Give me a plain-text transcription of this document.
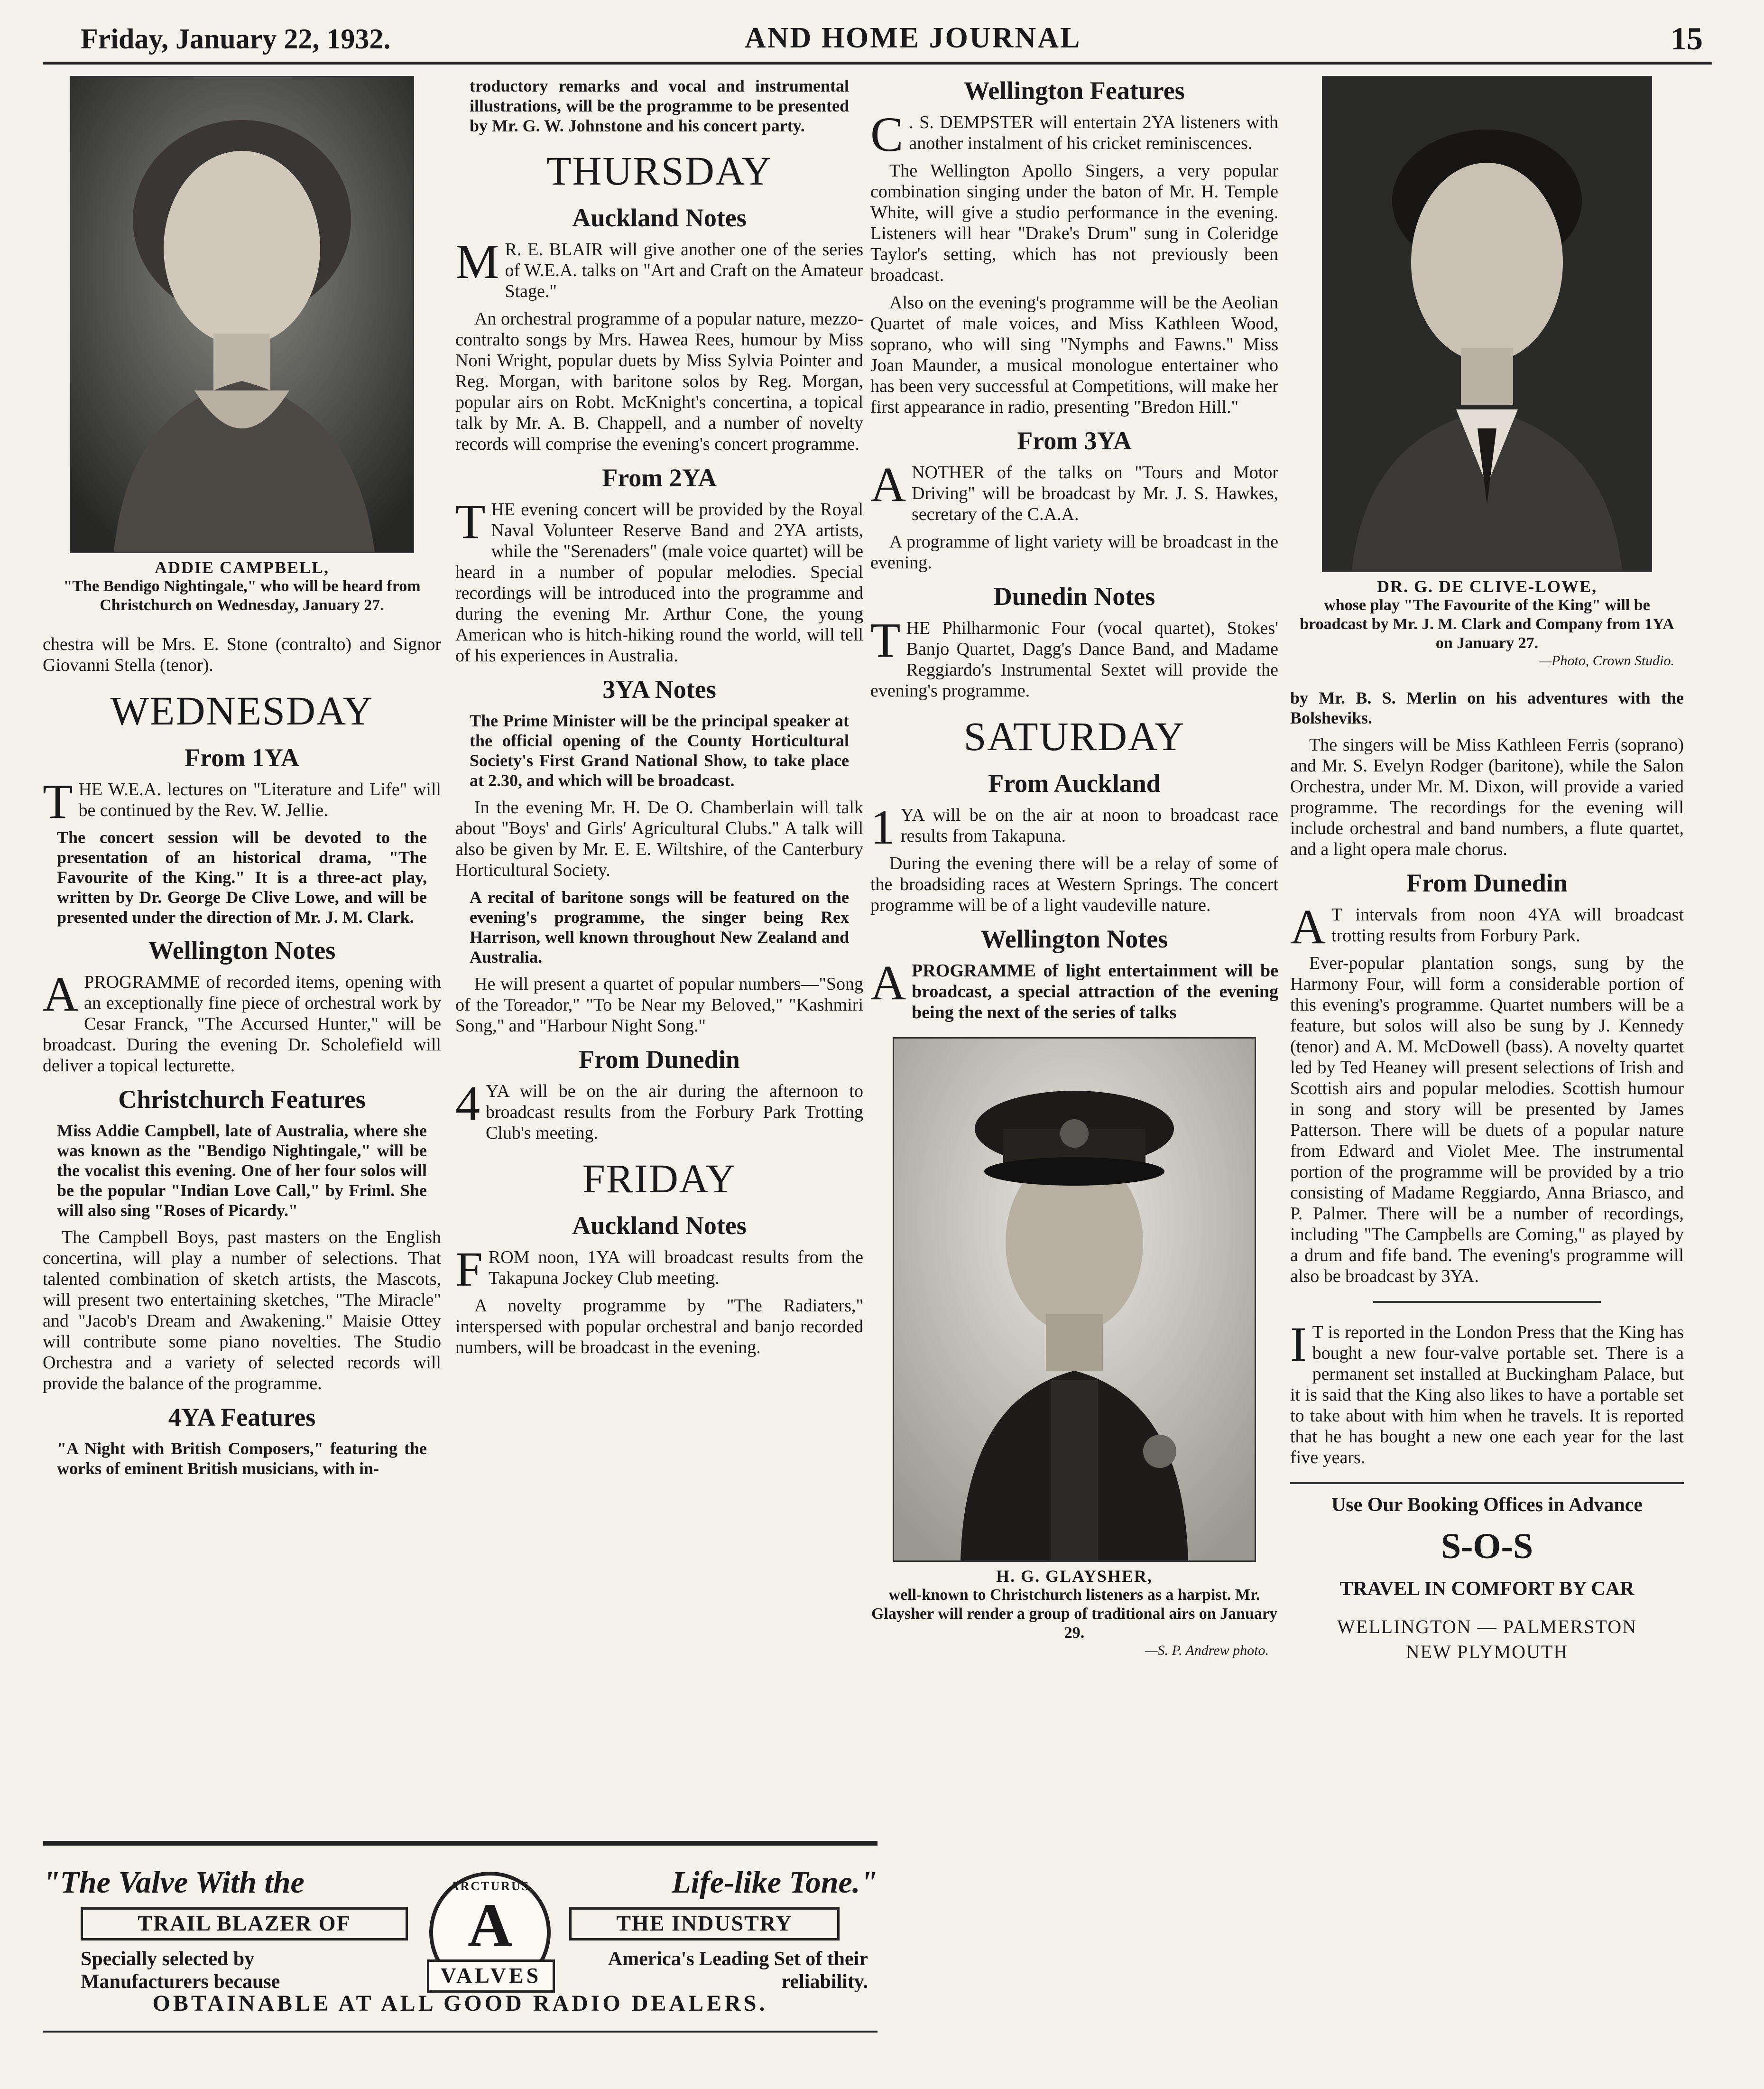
Friday, January 22, 1932.	AND HOME JOURNAL	15
ADDIE CAMPBELL,
"The Bendigo Nightingale," who will be heard from Christchurch on Wednesday, January 27.

chestra will be Mrs. E. Stone (contralto) and Signor Giovanni Stella (tenor).

WEDNESDAY
From 1YA

THE W.E.A. lectures on "Literature and Life" will be continued by the Rev. W. Jellie.

The concert session will be devoted to the presentation of an historical drama, "The Favourite of the King." It is a three-act play, written by Dr. George De Clive Lowe, and will be presented under the direction of Mr. J. M. Clark.

Wellington Notes

APROGRAMME of recorded items, opening with an exceptionally fine piece of orchestral work by Cesar Franck, "The Accursed Hunter," will be broadcast. During the evening Dr. Scholefield will deliver a topical lecturette.

Christchurch Features

Miss Addie Campbell, late of Australia, where she was known as the "Bendigo Nightingale," will be the vocalist this evening. One of her four solos will be the popular "Indian Love Call," by Friml. She will also sing "Roses of Picardy."

The Campbell Boys, past masters on the English concertina, will play a number of selections. That talented combination of sketch artists, the Mascots, will present two entertaining sketches, "The Miracle" and "Jacob's Dream and Awakening." Maisie Ottey will contribute some piano novelties. The Studio Orchestra and a variety of selected records will provide the balance of the programme.

4YA Features

"A Night with British Composers," featuring the works of eminent British musicians, with in-

troductory remarks and vocal and instrumental illustrations, will be the programme to be presented by Mr. G. W. Johnstone and his concert party.

THURSDAY
Auckland Notes

M R. E. BLAIR will give another one of the series of W.E.A. talks on "Art and Craft on the Amateur Stage."

An orchestral programme of a popular nature, mezzo-contralto songs by Mrs. Hawea Rees, humour by Miss Noni Wright, popular duets by Miss Sylvia Pointer and Reg. Morgan, with baritone solos by Reg. Morgan, popular airs on Robt. McKnight's concertina, a topical talk by Mr. A. B. Chappell, and a number of novelty records will comprise the evening's concert programme.

From 2YA

THE evening concert will be provided by the Royal Naval Volunteer Reserve Band and 2YA artists, while the "Serenaders" (male voice quartet) will be heard in a number of popular melodies. Special recordings will be introduced into the programme and during the evening Mr. Arthur Cone, the young American who is hitch-hiking round the world, will tell of his experiences in Australia.

3YA Notes

The Prime Minister will be the principal speaker at the official opening of the County Horticultural Society's First Grand National Show, to take place at 2.30, and which will be broadcast.

In the evening Mr. H. De O. Chamberlain will talk about "Boys' and Girls' Agricultural Clubs." A talk will also be given by Mr. E. E. Wiltshire, of the Canterbury Horticultural Society.

A recital of baritone songs will be featured on the evening's programme, the singer being Rex Harrison, well known throughout New Zealand and Australia.

He will present a quartet of popular numbers—"Song of the Toreador," "To be Near my Beloved," "Kashmiri Song," and "Harbour Night Song."

From Dunedin

4 YA will be on the air during the afternoon to broadcast results from the Forbury Park Trotting Club's meeting.

FRIDAY
Auckland Notes

FROM noon, 1YA will broadcast results from the Takapuna Jockey Club meeting.

A novelty programme by "The Radiaters," interspersed with popular orchestral and banjo recorded numbers, will be broadcast in the evening.

Wellington Features

C . S. DEMPSTER will entertain 2YA listeners with another instalment of his cricket reminiscences.

The Wellington Apollo Singers, a very popular combination singing under the baton of Mr. H. Temple White, will give a studio performance in the evening. Listeners will hear "Drake's Drum" sung in Coleridge Taylor's setting, which has not previously been broadcast.

Also on the evening's programme will be the Aeolian Quartet of male voices, and Miss Kathleen Wood, soprano, who will sing "Nymphs and Fawns." Miss Joan Maunder, a musical monologue entertainer who has been very successful at Competitions, will make her first appearance in radio, presenting "Bredon Hill."

From 3YA

ANOTHER of the talks on "Tours and Motor Driving" will be broadcast by Mr. J. S. Hawkes, secretary of the C.A.A.

A programme of light variety will be broadcast in the evening.

Dunedin Notes

THE Philharmonic Four (vocal quartet), Stokes' Banjo Quartet, Dagg's Dance Band, and Madame Reggiardo's Instrumental Sextet will provide the evening's programme.

SATURDAY
From Auckland

1 YA will be on the air at noon to broadcast race results from Takapuna.

During the evening there will be a relay of some of the broadsiding races at Western Springs. The concert programme will be of a light vaudeville nature.

Wellington Notes

APROGRAMME of light entertainment will be broadcast, a special attraction of the evening being the next of the series of talks

H. G. GLAYSHER,
well-known to Christchurch listeners as a harpist. Mr. Glaysher will render a group of traditional airs on January 29.
—S. P. Andrew photo.
DR. G. DE CLIVE-LOWE,
whose play "The Favourite of the King" will be broadcast by Mr. J. M. Clark and Company from 1YA on January 27.
—Photo, Crown Studio.

by Mr. B. S. Merlin on his adventures with the Bolsheviks.

The singers will be Miss Kathleen Ferris (soprano) and Mr. S. Evelyn Rodger (baritone), while the Salon Orchestra, under Mr. M. Dixon, will provide a varied programme. The recordings for the evening will include orchestral and band numbers, a flute quartet, and a light opera male chorus.

From Dunedin

A T intervals from noon 4YA will broadcast trotting results from Forbury Park.

Ever-popular plantation songs, sung by the Harmony Four, will form a considerable portion of this evening's programme. Quartet numbers will be a feature, but solos will also be sung by J. Kennedy (tenor) and A. M. McDowell (bass). A novelty quartet led by Ted Heaney will present selections of Irish and Scottish airs and popular melodies. Scottish humour in song and story will be presented by James Patterson. There will be duets of a popular nature from Edward and Violet Mee. The instrumental portion of the programme will be provided by a trio consisting of Madame Reggiardo, Anna Briasco, and P. Palmer. There will be a number of recordings, including "The Campbells are Coming," as played by a drum and fife band. The evening's programme will also be broadcast by 3YA.

I T is reported in the London Press that the King has bought a new four-valve portable set. There is a permanent set installed at Buckingham Palace, but it is said that the King also likes to have a portable set to take about with him when he travels. It is reported that he has bought a new one each year for the last five years.

Use Our Booking Offices in Advance
S-O-S
TRAVEL IN COMFORT BY CAR
WELLINGTON — PALMERSTON
NEW PLYMOUTH
"The Valve With the	Life-like Tone."
TRAIL BLAZER OF	THE INDUSTRY
Specially selected by Manufacturers because
America's Leading Set of their reliability.
ARCTURUS
A
VALVES
OBTAINABLE AT ALL GOOD RADIO DEALERS.
